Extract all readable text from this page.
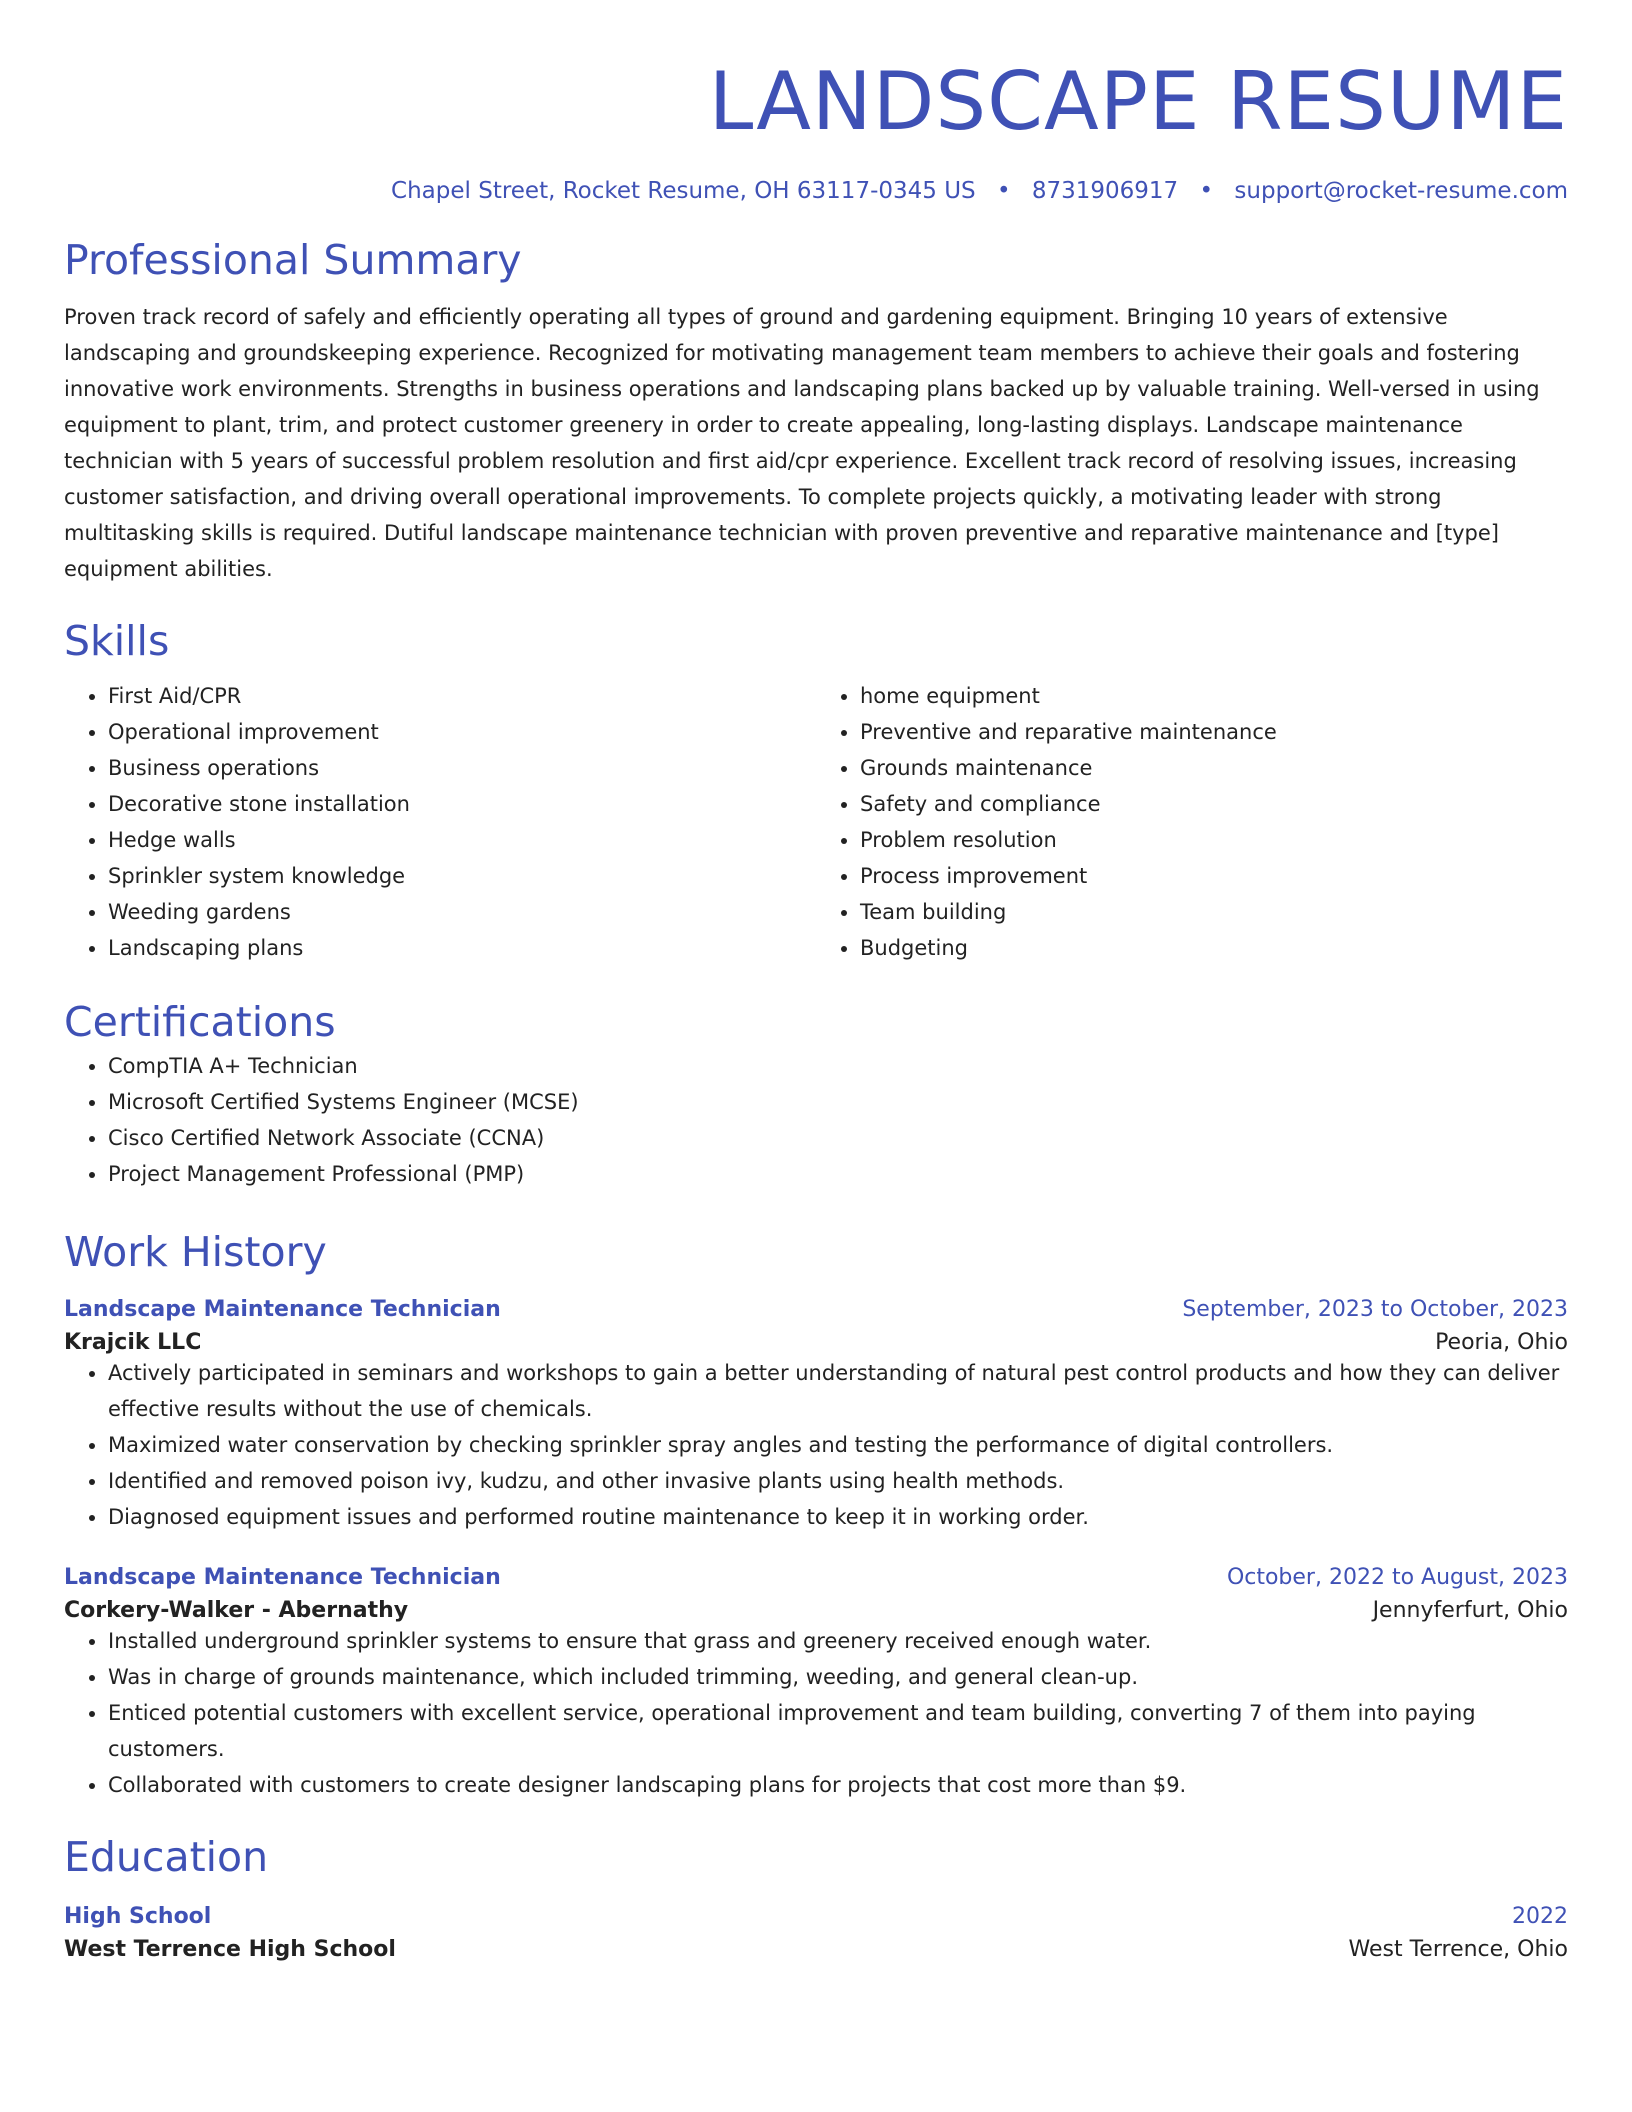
LANDSCAPE RESUME
Chapel Street, Rocket Resume, OH 63117-0345 US • 8731906917 • support@rocket-resume.com
Professional Summary

Proven track record of safely and efficiently operating all types of ground and gardening equipment. Bringing 10 years of extensive landscaping and groundskeeping experience. Recognized for motivating management team members to achieve their goals and fostering innovative work environments. Strengths in business operations and landscaping plans backed up by valuable training. Well-versed in using equipment to plant, trim, and protect customer greenery in order to create appealing, long-lasting displays. Landscape maintenance technician with 5 years of successful problem resolution and first aid/cpr experience. Excellent track record of resolving issues, increasing customer satisfaction, and driving overall operational improvements. To complete projects quickly, a motivating leader with strong multitasking skills is required. Dutiful landscape maintenance technician with proven preventive and reparative maintenance and [type] equipment abilities.

Skills
• First Aid/CPR
• Operational improvement
• Business operations
• Decorative stone installation
• Hedge walls
• Sprinkler system knowledge
• Weeding gardens
• Landscaping plans
• home equipment
• Preventive and reparative maintenance
• Grounds maintenance
• Safety and compliance
• Problem resolution
• Process improvement
• Team building
• Budgeting
Certifications
• CompTIA A+ Technician
• Microsoft Certified Systems Engineer (MCSE)
• Cisco Certified Network Associate (CCNA)
• Project Management Professional (PMP)
Work History
Landscape Maintenance Technician	September, 2023 to October, 2023
Krajcik LLC	Peoria, Ohio
• Actively participated in seminars and workshops to gain a better understanding of natural pest control products and how they can deliver effective results without the use of chemicals.
• Maximized water conservation by checking sprinkler spray angles and testing the performance of digital controllers.
• Identified and removed poison ivy, kudzu, and other invasive plants using health methods.
• Diagnosed equipment issues and performed routine maintenance to keep it in working order.
Landscape Maintenance Technician	October, 2022 to August, 2023
Corkery-Walker - Abernathy	Jennyferfurt, Ohio
• Installed underground sprinkler systems to ensure that grass and greenery received enough water.
• Was in charge of grounds maintenance, which included trimming, weeding, and general clean-up.
• Enticed potential customers with excellent service, operational improvement and team building, converting 7 of them into paying customers.
• Collaborated with customers to create designer landscaping plans for projects that cost more than $9.
Education
High School	2022
West Terrence High School	West Terrence, Ohio
